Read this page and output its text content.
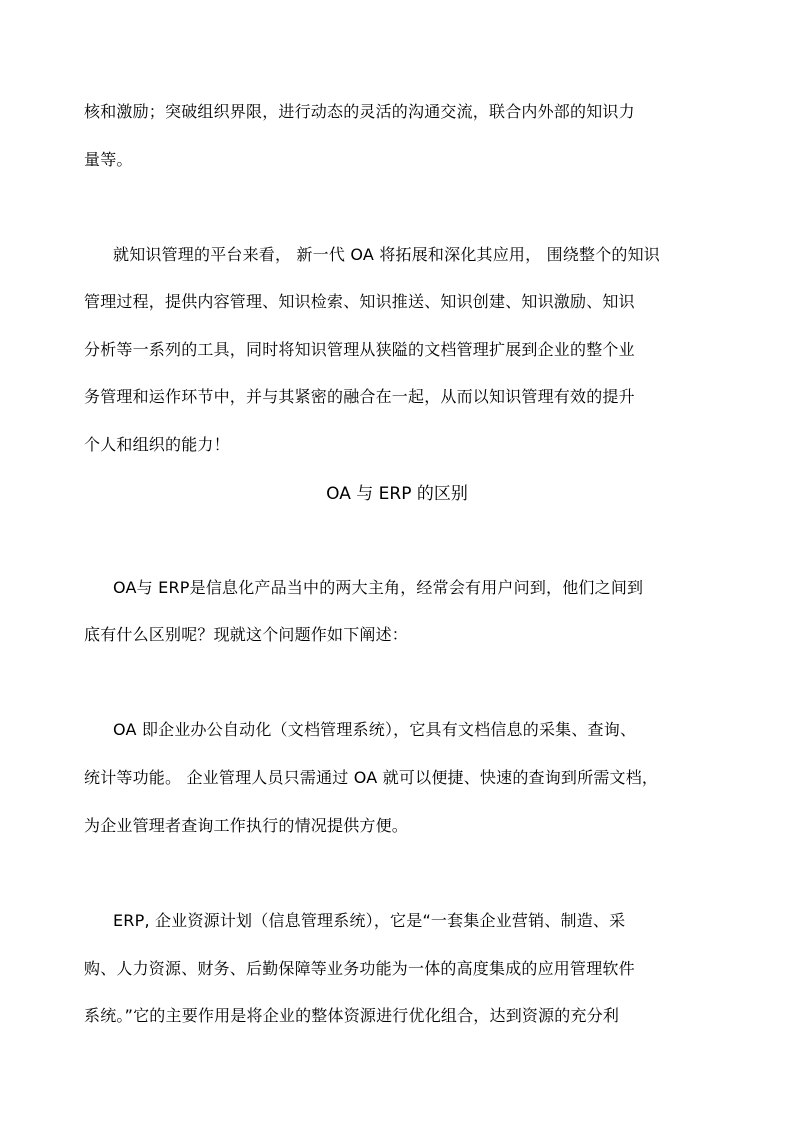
核和激励；突破组织界限，进行动态的灵活的沟通交流，联合内外部的知识力
量等。
就知识管理的平台来看， 新一代 OA 将拓展和深化其应用， 围绕整个的知识
管理过程，提供内容管理、知识检索、知识推送、知识创建、知识激励、知识
分析等一系列的工具，同时将知识管理从狭隘的文档管理扩展到企业的整个业
务管理和运作环节中，并与其紧密的融合在一起，从而以知识管理有效的提升
个人和组织的能力！
OA 与 ERP 的区别
OA与 ERP是信息化产品当中的两大主角，经常会有用户问到，他们之间到
底有什么区别呢？现就这个问题作如下阐述：
OA 即企业办公自动化（文档管理系统），它具有文档信息的采集、查询、
统计等功能。 企业管理人员只需通过 OA 就可以便捷、快速的查询到所需文档，
为企业管理者查询工作执行的情况提供方便。
ERP, 企业资源计划（信息管理系统），它是“一套集企业营销、制造、采
购、人力资源、财务、后勤保障等业务功能为一体的高度集成的应用管理软件
系统。”它的主要作用是将企业的整体资源进行优化组合，达到资源的充分利
